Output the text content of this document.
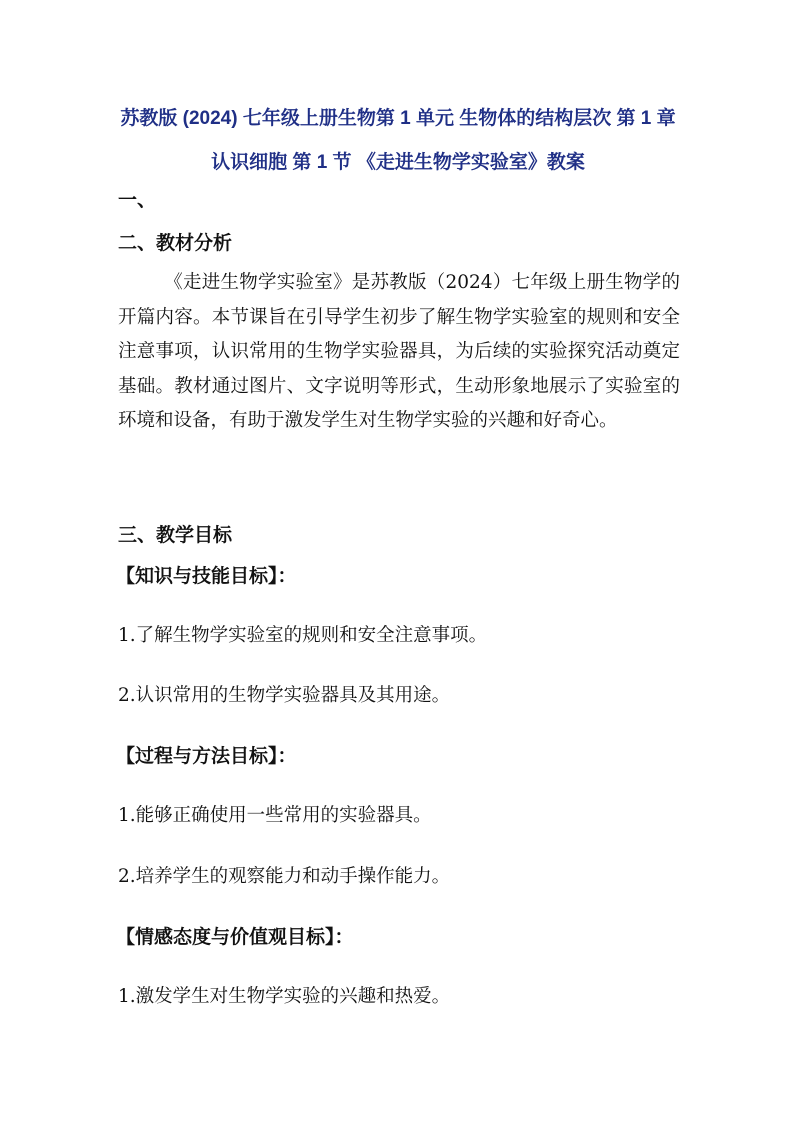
苏教版 (2024) 七年级上册生物第 1 单元 生物体的结构层次 第 1 章 认识细胞 第 1 节 《走进生物学实验室》教案
一、
二、教材分析
《走进生物学实验室》是苏教版（2024）七年级上册生物学的开篇内容。本节课旨在引导学生初步了解生物学实验室的规则和安全注意事项，认识常用的生物学实验器具，为后续的实验探究活动奠定基础。教材通过图片、文字说明等形式，生动形象地展示了实验室的环境和设备，有助于激发学生对生物学实验的兴趣和好奇心。
三、教学目标
【知识与技能目标】：
1.了解生物学实验室的规则和安全注意事项。
2.认识常用的生物学实验器具及其用途。
【过程与方法目标】：
1.能够正确使用一些常用的实验器具。
2.培养学生的观察能力和动手操作能力。
【情感态度与价值观目标】：
1.激发学生对生物学实验的兴趣和热爱。
